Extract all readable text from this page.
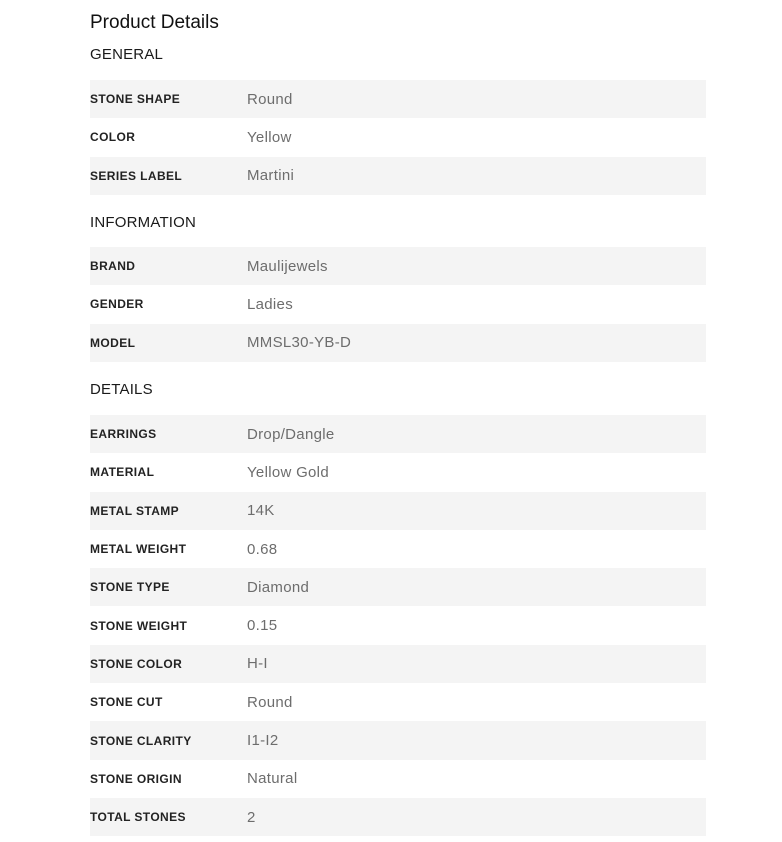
Product Details
GENERAL
STONE SHAPE	Round
COLOR	Yellow
SERIES LABEL	Martini
INFORMATION
BRAND	Maulijewels
GENDER	Ladies
MODEL	MMSL30-YB-D
DETAILS
EARRINGS	Drop/Dangle
MATERIAL	Yellow Gold
METAL STAMP	14K
METAL WEIGHT	0.68
STONE TYPE	Diamond
STONE WEIGHT	0.15
STONE COLOR	H-I
STONE CUT	Round
STONE CLARITY	I1-I2
STONE ORIGIN	Natural
TOTAL STONES	2
